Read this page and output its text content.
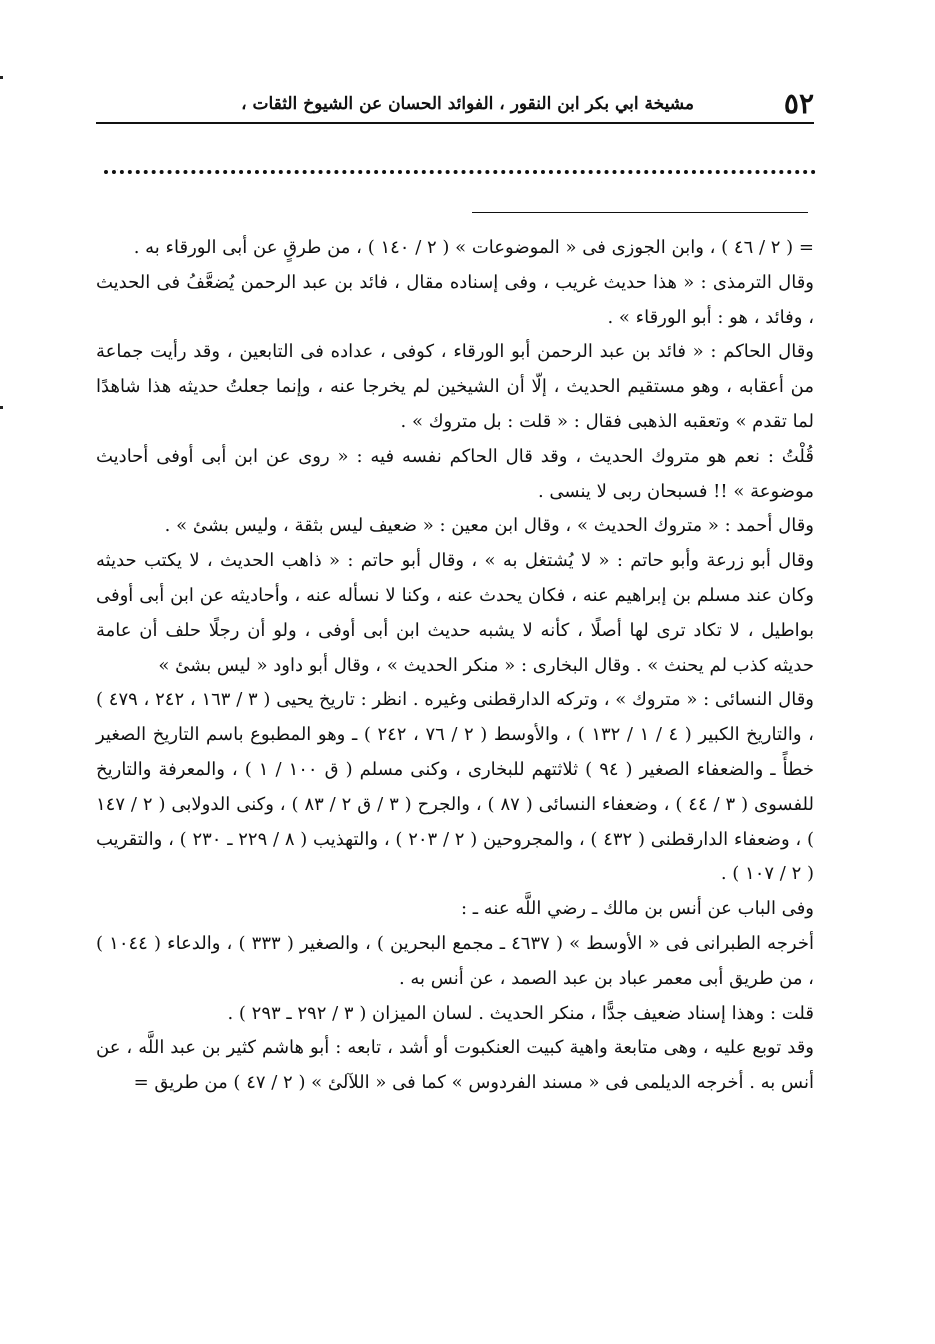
٥٢
مشيخة ابي بكر ابن النقور ، الفوائد الحسان عن الشيوخ الثقات ،

= ( ٢ / ٤٦ ) ، وابن الجوزى فى « الموضوعات » ( ٢ / ١٤٠ ) ، من طرقٍ عن أبى الورقاء به .

وقال الترمذى : « هذا حديث غريب ، وفى إسناده مقال ، فائد بن عبد الرحمن يُضعَّفُ فى الحديث ، وفائد ، هو : أبو الورقاء » .

وقال الحاكم : « فائد بن عبد الرحمن أبو الورقاء ، كوفى ، عداده فى التابعين ، وقد رأيت جماعة من أعقابه ، وهو مستقيم الحديث ، إلّا أن الشيخين لم يخرجا عنه ، وإنما جعلتُ حديثه هذا شاهدًا لما تقدم » وتعقبه الذهبى فقال : « قلت : بل متروك » .

قُلْتُ : نعم هو متروك الحديث ، وقد قال الحاكم نفسه فيه : « روى عن ابن أبى أوفى أحاديث موضوعة » !! فسبحان ربى لا ينسى .

وقال أحمد : « متروك الحديث » ، وقال ابن معين : « ضعيف ليس بثقة ، وليس بشئ » .

وقال أبو زرعة وأبو حاتم : « لا يُشتغل به » ، وقال أبو حاتم : « ذاهب الحديث ، لا يكتب حديثه وكان عند مسلم بن إبراهيم عنه ، فكان يحدث عنه ، وكنا لا نسأله عنه ، وأحاديثه عن ابن أبى أوفى بواطيل ، لا تكاد ترى لها أصلًا ، كأنه لا يشبه حديث ابن أبى أوفى ، ولو أن رجلًا حلف أن عامة حديثه كذب لم يحنث » . وقال البخارى : « منكر الحديث » ، وقال أبو داود « ليس بشئ »

وقال النسائى : « متروك » ، وتركه الدارقطنى وغيره . انظر : تاريخ يحيى ( ٣ / ١٦٣ ، ٢٤٢ ، ٤٧٩ ) ، والتاريخ الكبير ( ٤ / ١ / ١٣٢ ) ، والأوسط ( ٢ / ٧٦ ، ٢٤٢ ) ـ وهو المطبوع باسم التاريخ الصغير خطأً ـ والضعفاء الصغير ( ٩٤ ) ثلاثتهم للبخارى ، وكنى مسلم ( ق ١٠٠ / ١ ) ، والمعرفة والتاريخ للفسوى ( ٣ / ٤٤ ) ، وضعفاء النسائى ( ٨٧ ) ، والجرح ( ٣ / ق ٢ / ٨٣ ) ، وكنى الدولابى ( ٢ / ١٤٧ ) ، وضعفاء الدارقطنى ( ٤٣٢ ) ، والمجروحين ( ٢ / ٢٠٣ ) ، والتهذيب ( ٨ / ٢٢٩ ـ ٢٣٠ ) ، والتقريب ( ٢ / ١٠٧ ) .

وفى الباب عن أنس بن مالك ـ رضي اللَّه عنه ـ :

أخرجه الطبرانى فى « الأوسط » ( ٤٦٣٧ ـ مجمع البحرين ) ، والصغير ( ٣٣٣ ) ، والدعاء ( ١٠٤٤ ) ، من طريق أبى معمر عباد بن عبد الصمد ، عن أنس به .

قلت : وهذا إسناد ضعيف جدًّا ، منكر الحديث . لسان الميزان ( ٣ / ٢٩٢ ـ ٢٩٣ ) .

وقد توبع عليه ، وهى متابعة واهية كبيت العنكبوت أو أشد ، تابعه : أبو هاشم كثير بن عبد اللَّه ، عن أنس به . أخرجه الديلمى فى « مسند الفردوس » كما فى « اللآلئ » ( ٢ / ٤٧ ) من طريق =
